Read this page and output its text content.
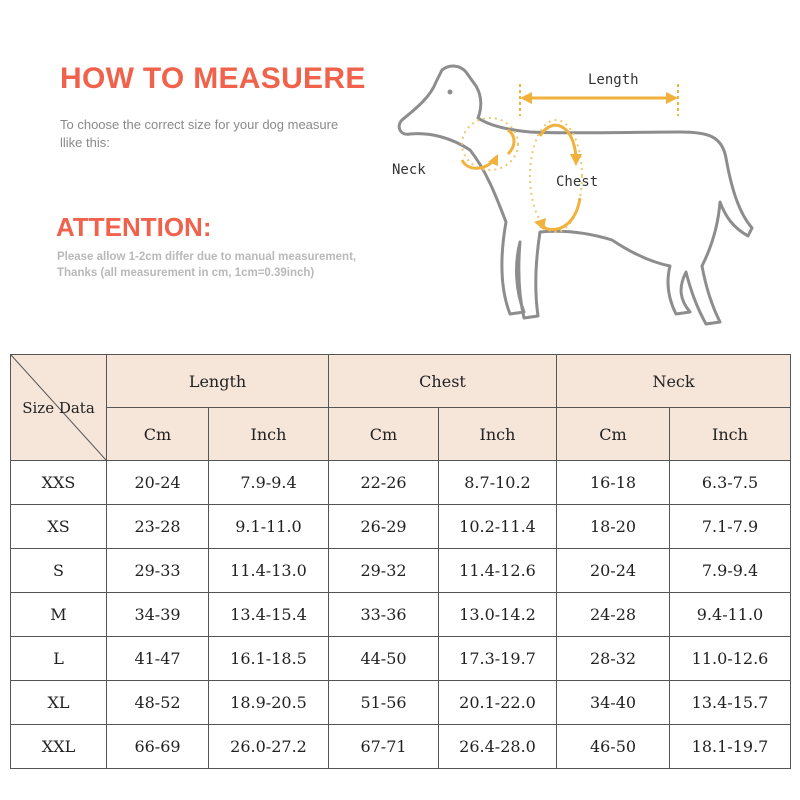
HOW TO MEASUERE
To choose the correct size for your dog measure llike this:
ATTENTION:
Please allow 1-2cm differ due to manual measurement,
Thanks (all measurement in cm, 1cm=0.39inch)
Length
Neck
Chest
Size Data	Length		Chest		Neck	
	Cm	Inch	Cm	Inch	Cm	Inch
XXS	20-24	7.9-9.4	22-26	8.7-10.2	16-18	6.3-7.5
XS	23-28	9.1-11.0	26-29	10.2-11.4	18-20	7.1-7.9
S	29-33	11.4-13.0	29-32	11.4-12.6	20-24	7.9-9.4
M	34-39	13.4-15.4	33-36	13.0-14.2	24-28	9.4-11.0
L	41-47	16.1-18.5	44-50	17.3-19.7	28-32	11.0-12.6
XL	48-52	18.9-20.5	51-56	20.1-22.0	34-40	13.4-15.7
XXL	66-69	26.0-27.2	67-71	26.4-28.0	46-50	18.1-19.7
